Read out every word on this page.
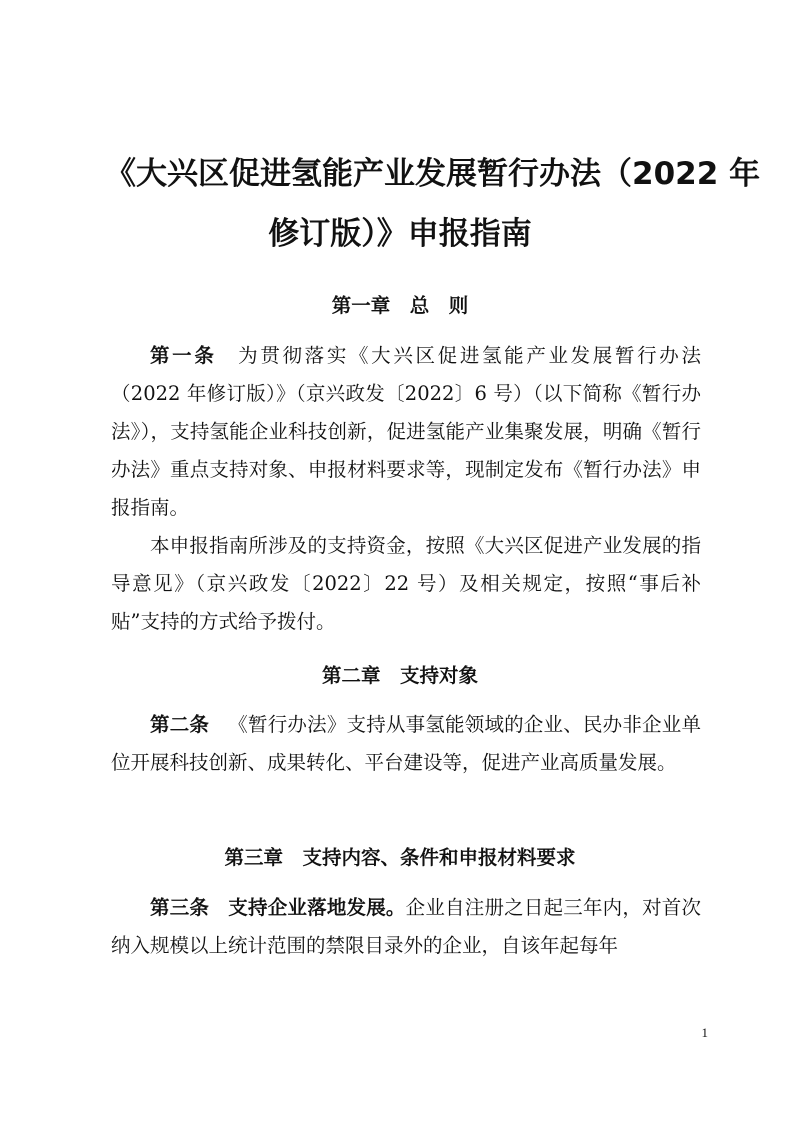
《大兴区促进氢能产业发展暂行办法（2022 年
修订版）》申报指南
第一章　总　则

第一条 为贯彻落实《大兴区促进氢能产业发展暂行办法（2022 年修订版）》（京兴政发〔2022〕6 号）（以下简称《暂行办法》），支持氢能企业科技创新，促进氢能产业集聚发展，明确《暂行办法》重点支持对象、申报材料要求等，现制定发布《暂行办法》申报指南。

本申报指南所涉及的支持资金，按照《大兴区促进产业发展的指导意见》（京兴政发〔2022〕22 号）及相关规定，按照“事后补贴”支持的方式给予拨付。

第二章　支持对象

第二条 《暂行办法》支持从事氢能领域的企业、民办非企业单位开展科技创新、成果转化、平台建设等，促进产业高质量发展。

第三章　支持内容、条件和申报材料要求

第三条 支持企业落地发展。企业自注册之日起三年内，对首次纳入规模以上统计范围的禁限目录外的企业，自该年起每年

1
